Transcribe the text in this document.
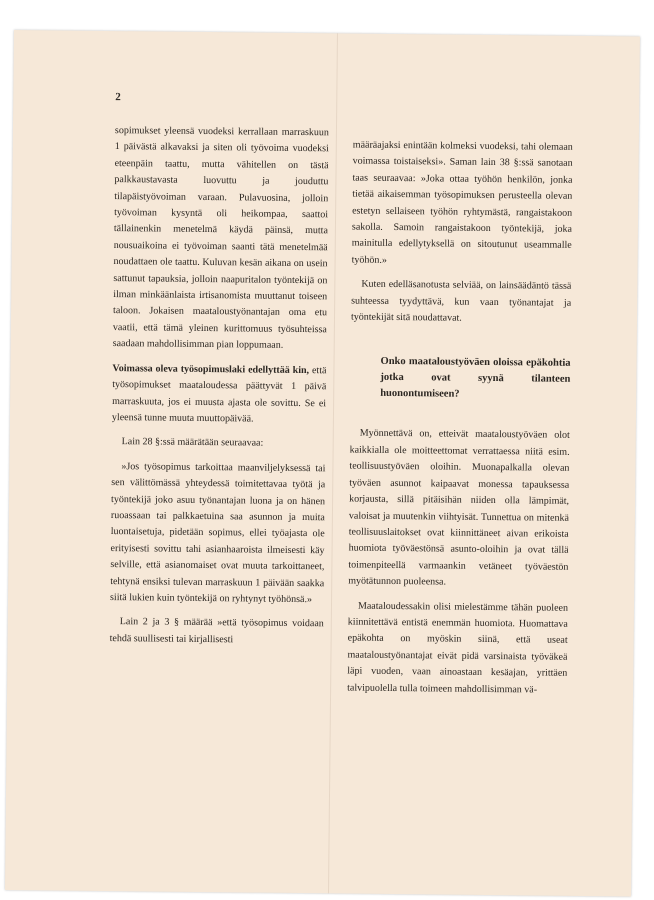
2

sopimukset yleensä vuodeksi kerrallaan marraskuun 1 päivästä alkavaksi ja siten oli työvoima vuodeksi eteenpäin taattu, mutta vähitellen on tästä palkkaustavasta luovuttu ja jouduttu tilapäistyövoiman varaan. Pulavuosina, jolloin työvoiman kysyntä oli heikompaa, saattoi tällainenkin menetelmä käydä päinsä, mutta nousuaikoina ei työvoiman saanti tätä menetelmää noudattaen ole taattu. Kuluvan kesän aikana on usein sattunut tapauksia, jolloin naapuritalon työntekijä on ilman minkäänlaista irtisanomista muuttanut toiseen taloon. Jokaisen maataloustyönantajan oma etu vaatii, että tämä yleinen kurittomuus työsuhteissa saadaan mahdollisimman pian loppumaan.

Voimassa oleva työsopimuslaki edellyttää kin, että työsopimukset maataloudessa päättyvät 1 päivä marraskuuta, jos ei muusta ajasta ole sovittu. Se ei yleensä tunne muuta muuttopäivää.

Lain 28 §:ssä määrätään seuraavaa:

»Jos työsopimus tarkoittaa maanviljelyksessä tai sen välittömässä yhteydessä toimitettavaa työtä ja työntekijä joko asuu työnantajan luona ja on hänen ruoassaan tai palkkaetuina saa asunnon ja muita luontaisetuja, pidetään sopimus, ellei työajasta ole erityisesti sovittu tahi asianhaaroista ilmeisesti käy selville, että asianomaiset ovat muuta tarkoittaneet, tehtynä ensiksi tulevan marraskuun 1 päivään saakka siitä lukien kuin työntekijä on ryhtynyt työhönsä.»

Lain 2 ja 3 § määrää »että työsopimus voidaan tehdä suullisesti tai kirjallisesti

määräajaksi enintään kolmeksi vuodeksi, tahi olemaan voimassa toistaiseksi». Saman lain 38 §:ssä sanotaan taas seuraavaa: »Joka ottaa työhön henkilön, jonka tietää aikaisemman työsopimuksen perusteella olevan estetyn sellaiseen työhön ryhtymästä, rangaistakoon sakolla. Samoin rangaistakoon työntekijä, joka mainitulla edellytyksellä on sitoutunut useammalle työhön.»

Kuten edelläsanotusta selviää, on lainsäädäntö tässä suhteessa tyydyttävä, kun vaan työnantajat ja työntekijät sitä noudattavat.

Onko maataloustyöväen oloissa epäkohtia jotka ovat syynä tilanteen huonontumiseen?

Myönnettävä on, etteivät maataloustyöväen olot kaikkialla ole moitteettomat verrattaessa niitä esim. teollisuustyöväen oloihin. Muonapalkalla olevan työväen asunnot kaipaavat monessa tapauksessa korjausta, sillä pitäisihän niiden olla lämpimät, valoisat ja muutenkin viihtyisät. Tunnettua on mitenkä teollisuuslaitokset ovat kiinnittäneet aivan erikoista huomiota työväestönsä asunto-oloihin ja ovat tällä toimenpiteellä varmaankin vetäneet työväestön myötätunnon puoleensa.

Maataloudessakin olisi mielestämme tähän puoleen kiinnitettävä entistä enemmän huomiota. Huomattava epäkohta on myöskin siinä, että useat maataloustyönantajat eivät pidä varsinaista työväkeä läpi vuoden, vaan ainoastaan kesäajan, yrittäen talvipuolella tulla toimeen mahdollisimman vä-
